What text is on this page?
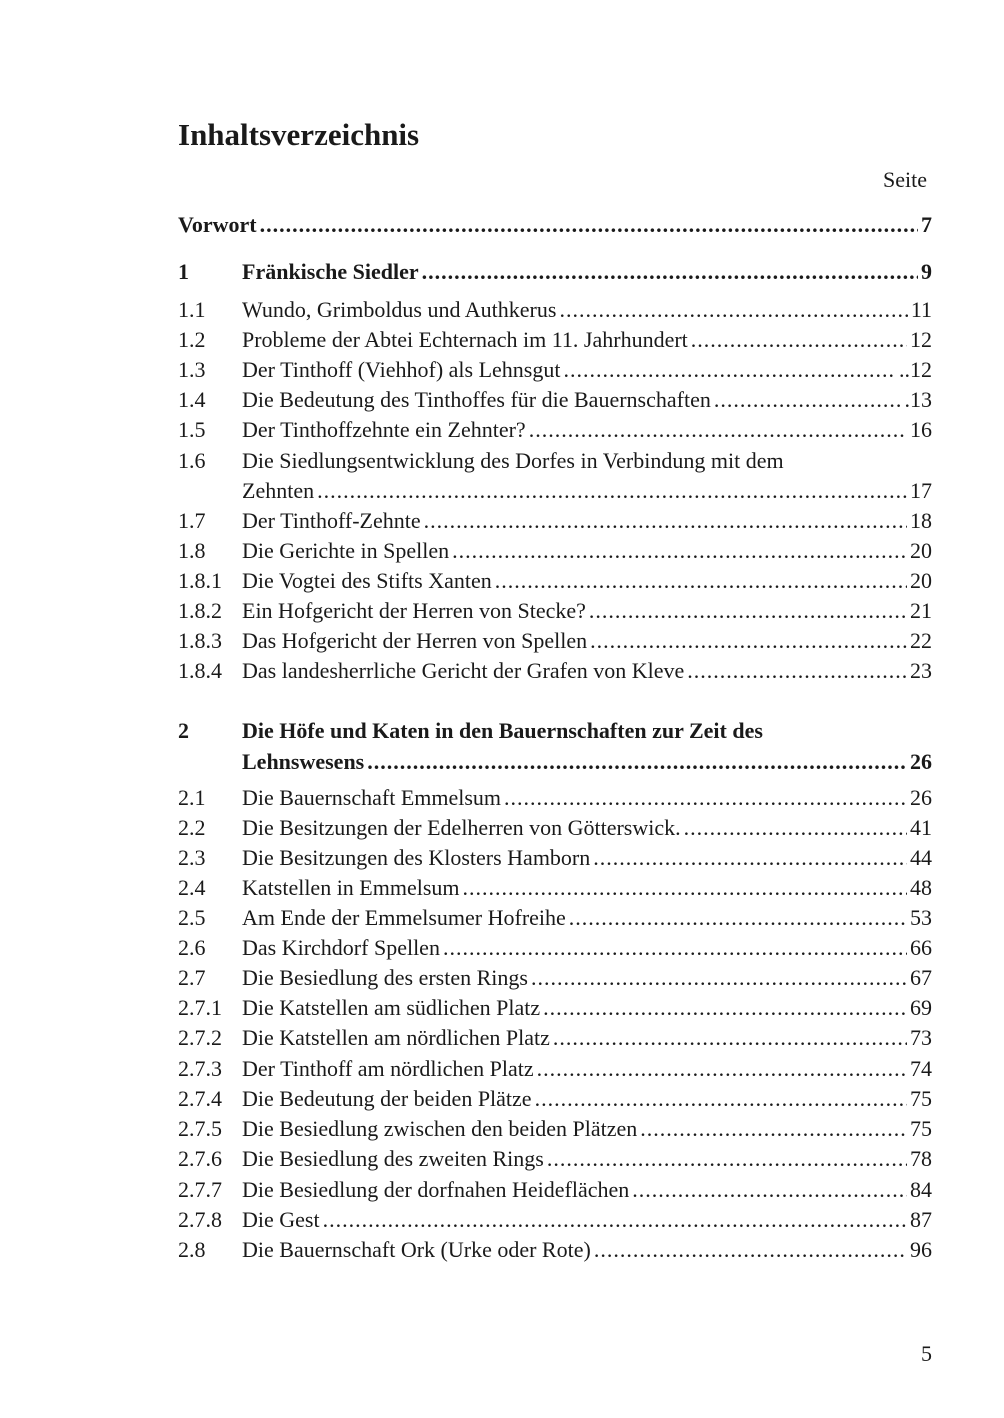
Inhaltsverzeichnis
Seite
Vorwort .....	7
1	Fränkische Siedler .....	9
1.1	Wundo, Grimboldus und Authkerus .....	11
1.2	Probleme der Abtei Echternach im 11. Jahrhundert .....	12
1.3	Der Tinthoff (Viehhof) als Lehnsgut .....	..12
1.4	Die Bedeutung des Tinthoffes für die Bauernschaften .....	.13
1.5	Der Tinthoffzehnte ein Zehnter? .....	16
1.6	Die Siedlungsentwicklung des Dorfes in Verbindung mit dem
Zehnten .....	17
1.7	Der Tinthoff-Zehnte .....	18
1.8	Die Gerichte in Spellen .....	20
1.8.1 Die Vogtei des Stifts Xanten .....	20
1.8.2 Ein Hofgericht der Herren von Stecke? .....	21
1.8.3 Das Hofgericht der Herren von Spellen .....	22
1.8.4 Das landesherrliche Gericht der Grafen von Kleve .....	23
2	Die Höfe und Katen in den Bauernschaften zur Zeit des
Lehnswesens .....	26
2.1	Die Bauernschaft Emmelsum .....	26
2.2	Die Besitzungen der Edelherren von Götterswick. .....	41
2.3	Die Besitzungen des Klosters Hamborn .....	44
2.4	Katstellen in Emmelsum .....	48
2.5	Am Ende der Emmelsumer Hofreihe .....	53
2.6	Das Kirchdorf Spellen .....	66
2.7	Die Besiedlung des ersten Rings .....	67
2.7.1 Die Katstellen am südlichen Platz .....	69
2.7.2 Die Katstellen am nördlichen Platz .....	73
2.7.3 Der Tinthoff am nördlichen Platz .....	74
2.7.4 Die Bedeutung der beiden Plätze .....	75
2.7.5 Die Besiedlung zwischen den beiden Plätzen .....	75
2.7.6 Die Besiedlung des zweiten Rings .....	78
2.7.7 Die Besiedlung der dorfnahen Heideflächen .....	84
2.7.8 Die Gest .....	87
2.8	Die Bauernschaft Ork (Urke oder Rote) .....	96
5
